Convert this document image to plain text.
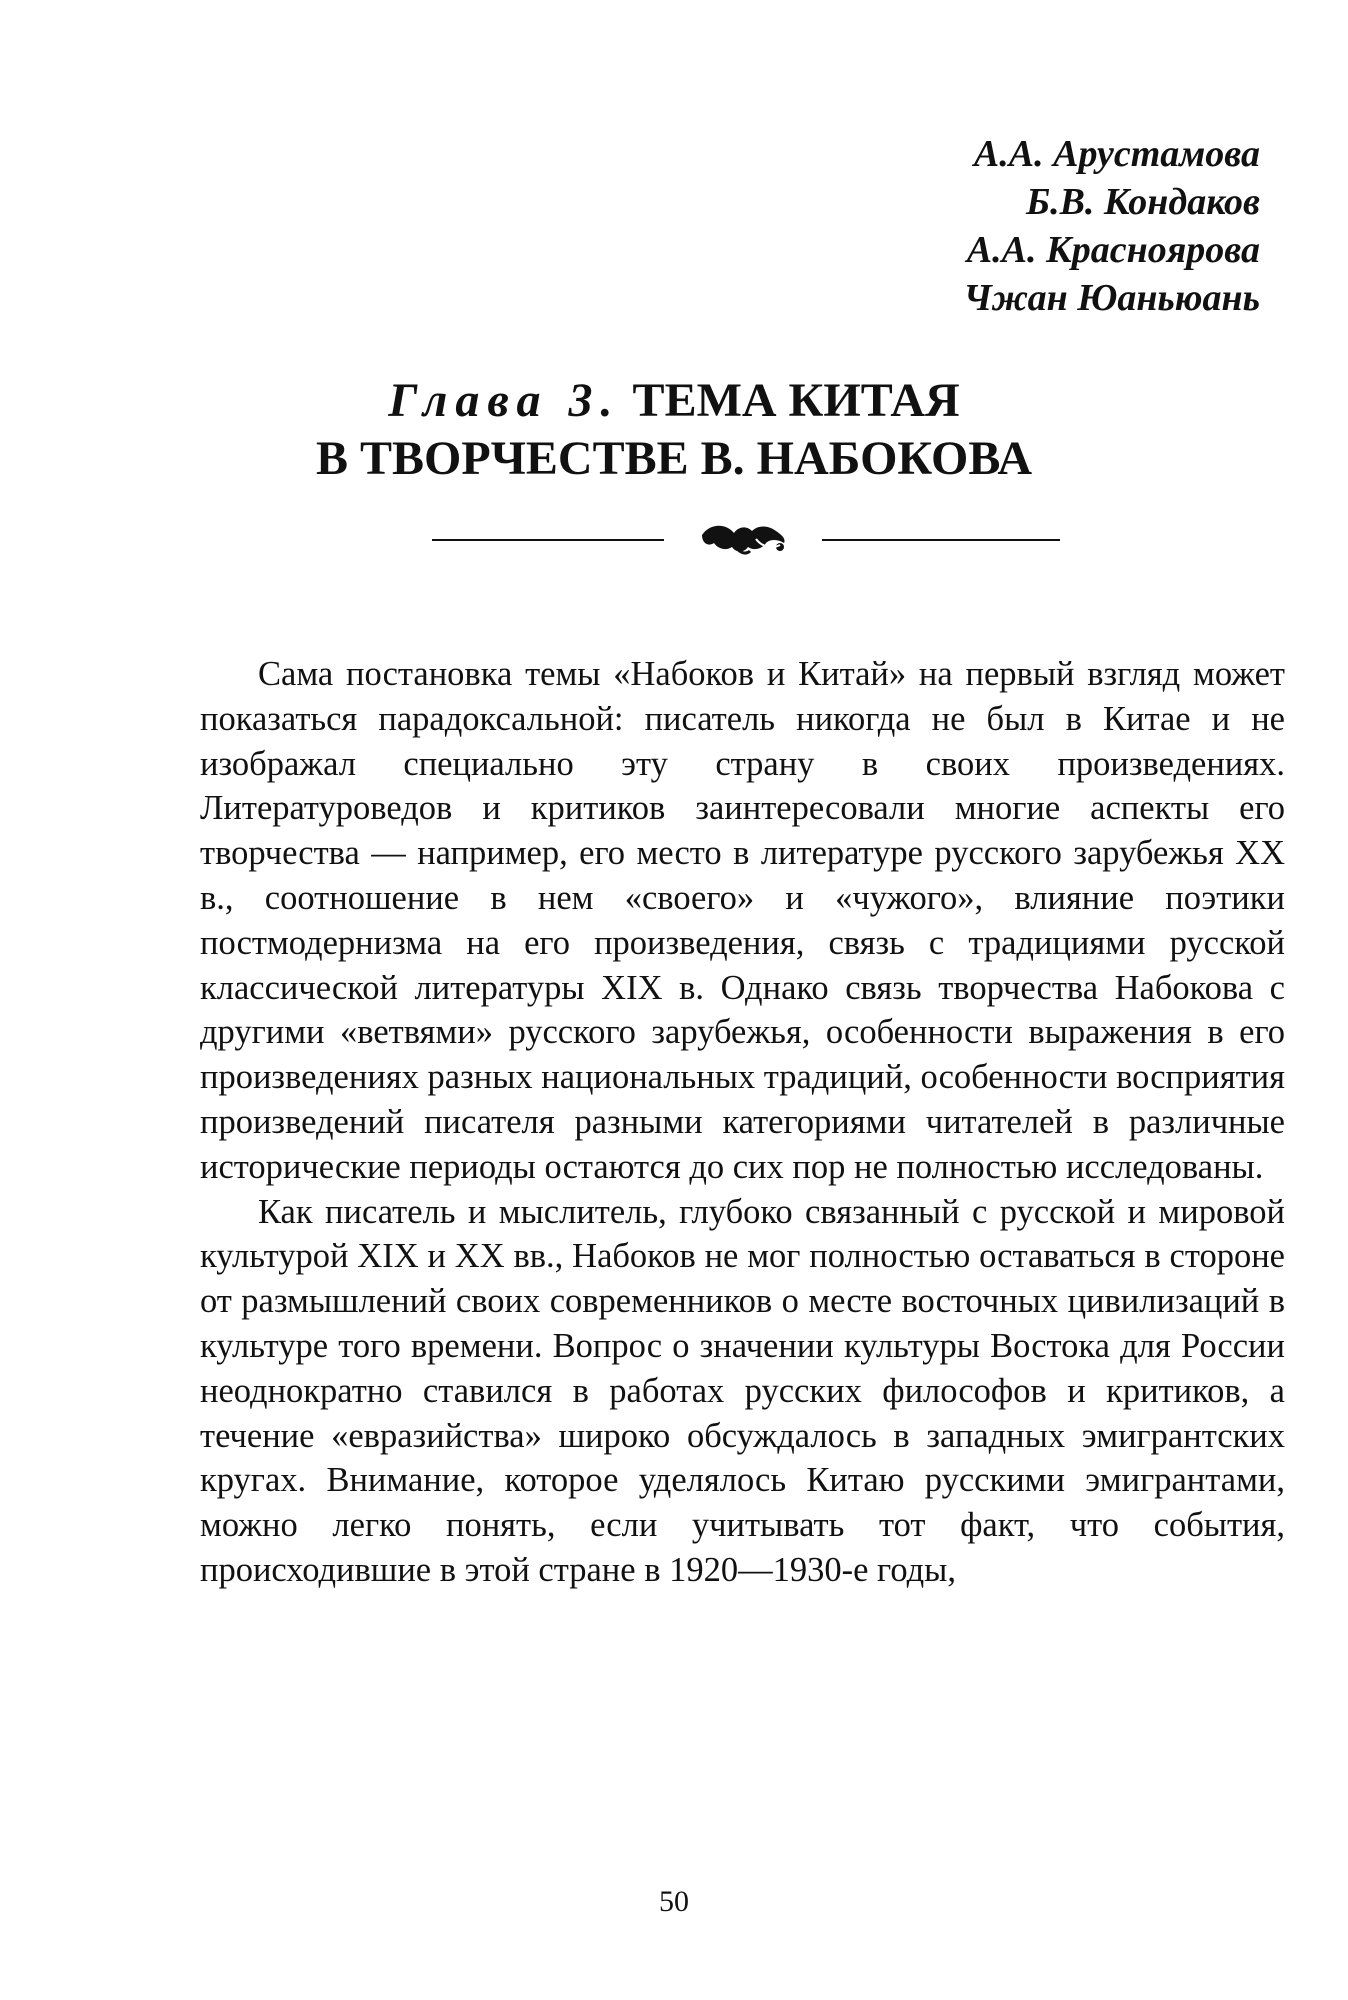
А.А. Арустамова
Б.В. Кондаков
А.А. Краснoярова
Чжан Юаньюань
Глава 3. ТЕМА КИТАЯ
В ТВОРЧЕСТВЕ В. НАБОКОВА

Сама постановка темы «Набоков и Китай» на первый взгляд может показаться парадоксальной: писатель никогда не был в Китае и не изображал специально эту страну в своих произведениях. Литературоведов и критиков заинтересовали многие аспекты его творчества — например, его место в литературе русского зарубежья XX в., соотношение в нем «своего» и «чужого», влияние поэтики постмодернизма на его произведения, связь с традициями русской классической литературы XIX в. Однако связь творчества Набокова с другими «ветвями» русского зарубежья, особенности выражения в его произведениях разных национальных традиций, особенности восприятия произведений писателя разными категориями читателей в различные исторические периоды остаются до сих пор не полностью исследованы.

Как писатель и мыслитель, глубоко связанный с русской и мировой культурой XIX и XX вв., Набоков не мог полностью оставаться в стороне от размышлений своих современников о месте восточных цивилизаций в культуре того времени. Вопрос о значении культуры Востока для России неоднократно ставился в работах русских философов и критиков, а течение «евразийства» широко обсуждалось в западных эмигрантских кругах. Внимание, которое уделялось Китаю русскими эмигрантами, можно легко понять, если учитывать тот факт, что события, происходившие в этой стране в 1920—1930-е годы,

50
